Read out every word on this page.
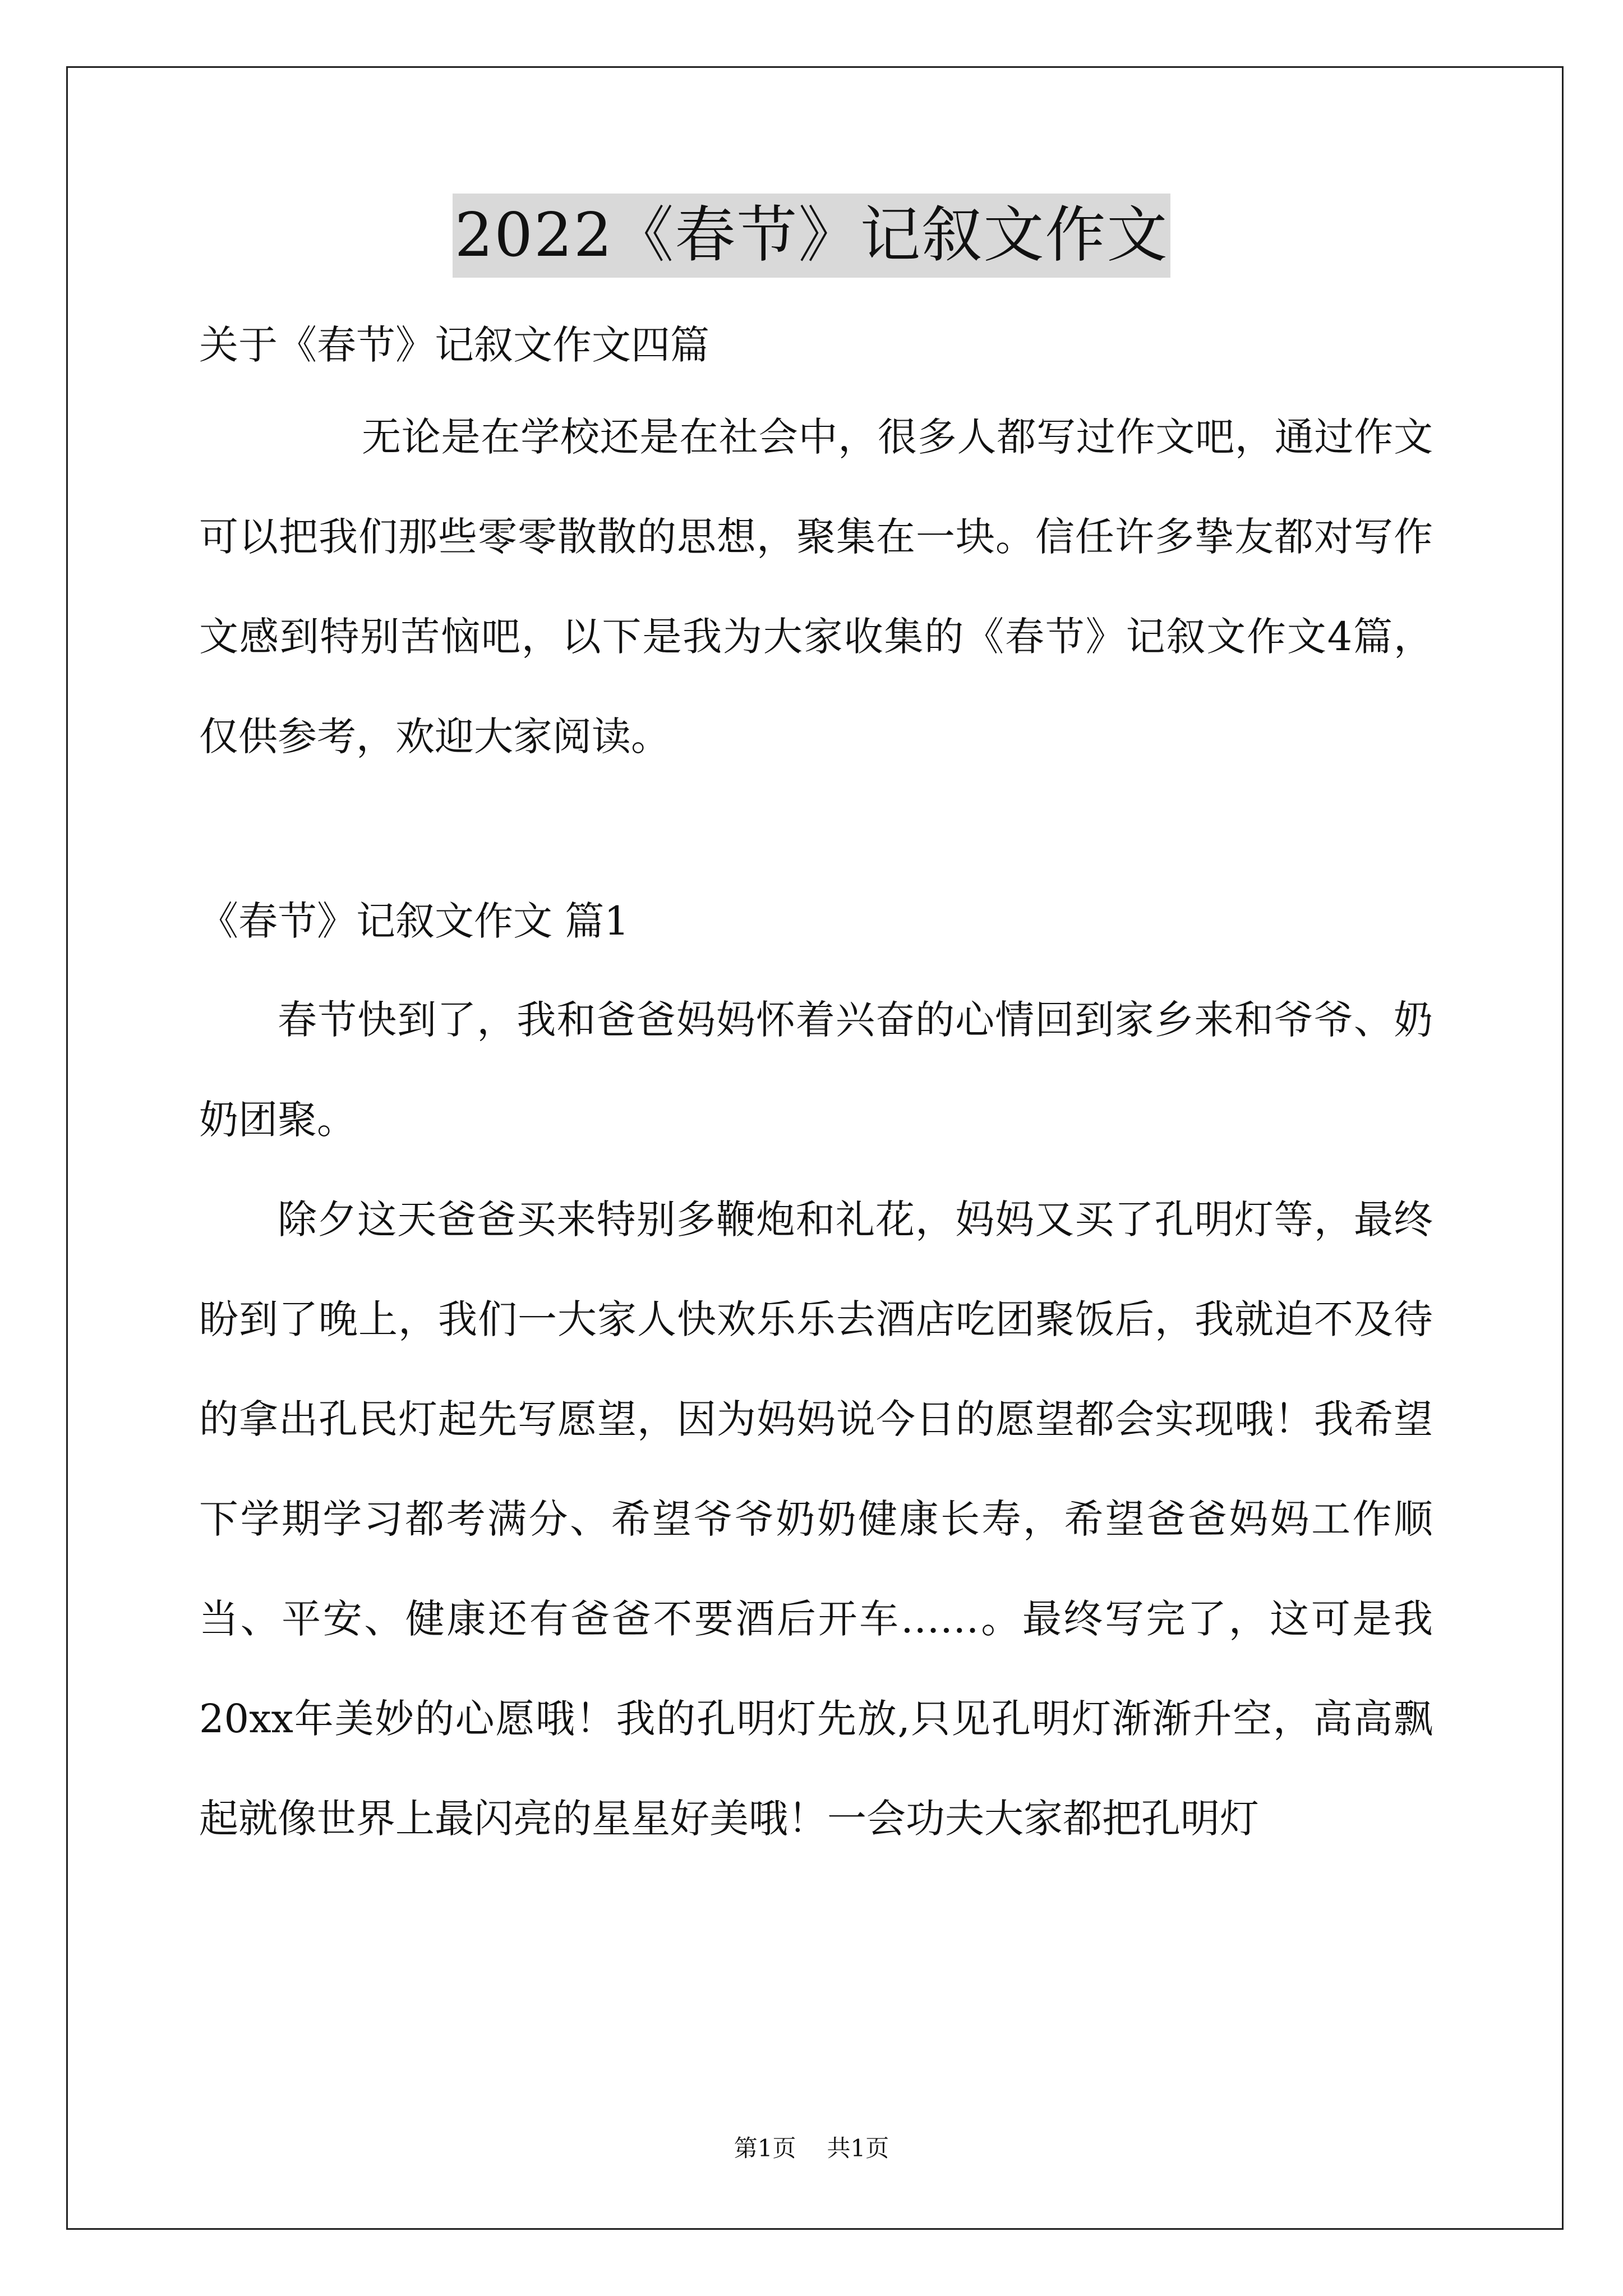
2022《春节》记叙文作文
关于《春节》记叙文作文四篇

无论是在学校还是在社会中，很多人都写过作文吧，通过作文可以把我们那些零零散散的思想，聚集在一块。信任许多挚友都对写作文感到特别苦恼吧，以下是我为大家收集的《春节》记叙文作文4篇，仅供参考，欢迎大家阅读。

《春节》记叙文作文 篇1

春节快到了，我和爸爸妈妈怀着兴奋的心情回到家乡来和爷爷、奶奶团聚。

除夕这天爸爸买来特别多鞭炮和礼花，妈妈又买了孔明灯等，最终盼到了晚上，我们一大家人快欢乐乐去酒店吃团聚饭后，我就迫不及待的拿出孔民灯起先写愿望，因为妈妈说今日的愿望都会实现哦！我希望下学期学习都考满分、希望爷爷奶奶健康长寿，希望爸爸妈妈工作顺当、平安、健康还有爸爸不要酒后开车……。最终写完了，这可是我20xx年美妙的心愿哦！我的孔明灯先放,只见孔明灯渐渐升空，高高飘起就像世界上最闪亮的星星好美哦！一会功夫大家都把孔明灯

第1页 共1页
